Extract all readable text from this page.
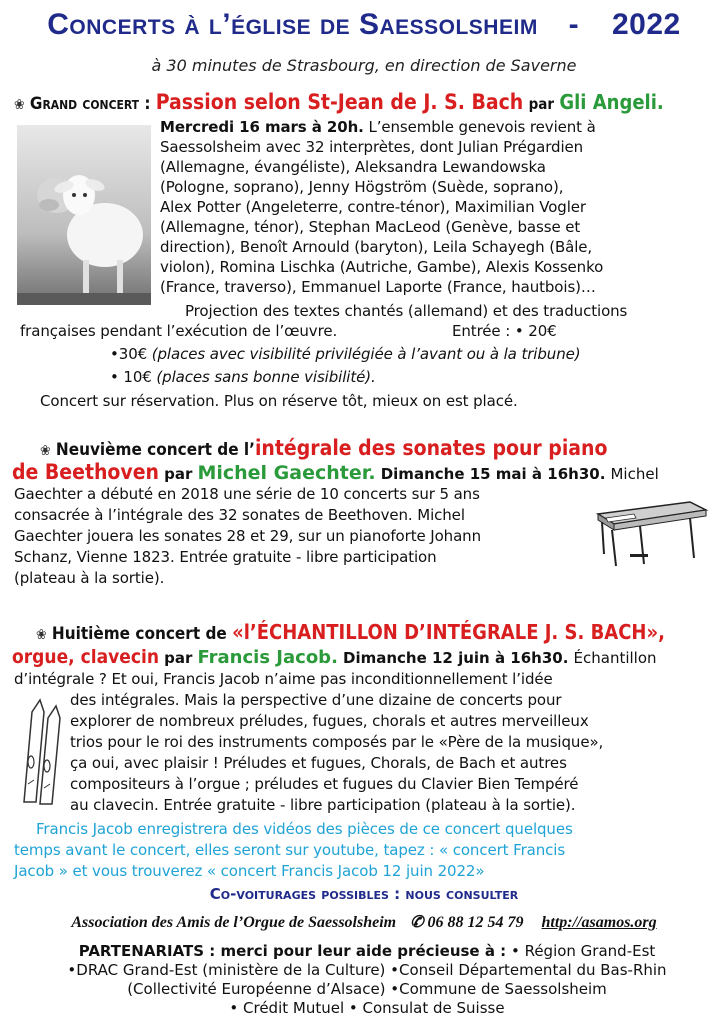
Concerts à l’église de Saessolsheim - 2022
à 30 minutes de Strasbourg, en direction de Saverne
❀ Grand concert : Passion selon St-Jean de J. S. Bach par Gli Angeli.
Mercredi 16 mars à 20h. L’ensemble genevois revient à
Saessolsheim avec 32 interprètes, dont Julian Prégardien
(Allemagne, évangéliste), Aleksandra Lewandowska
(Pologne, soprano), Jenny Högström (Suède, soprano),
Alex Potter (Angeleterre, contre-ténor), Maximilian Vogler
(Allemagne, ténor), Stephan MacLeod (Genève, basse et
direction), Benoît Arnould (baryton), Leila Schayegh (Bâle,
violon), Romina Lischka (Autriche, Gambe), Alexis Kossenko
(France, traverso), Emmanuel Laporte (France, hautbois)…
Projection des textes chantés (allemand) et des traductions
françaises pendant l’exécution de l’œuvre.	Entrée : • 20€
•30€ (places avec visibilité privilégiée à l’avant ou à la tribune)
• 10€ (places sans bonne visibilité).
Concert sur réservation. Plus on réserve tôt, mieux on est placé.
❀ Neuvième concert de l’intégrale des sonates pour piano
de Beethoven par Michel Gaechter. Dimanche 15 mai à 16h30. Michel
Gaechter a débuté en 2018 une série de 10 concerts sur 5 ans
consacrée à l’intégrale des 32 sonates de Beethoven. Michel
Gaechter jouera les sonates 28 et 29, sur un pianoforte Johann
Schanz, Vienne 1823. Entrée gratuite - libre participation
(plateau à la sortie).
❀ Huitième concert de «l’ÉCHANTILLON D’INTÉGRALE J. S. BACH»,
orgue, clavecin par Francis Jacob. Dimanche 12 juin à 16h30. Échantillon
d’intégrale ? Et oui, Francis Jacob n’aime pas inconditionnellement l’idée
des intégrales. Mais la perspective d’une dizaine de concerts pour
explorer de nombreux préludes, fugues, chorals et autres merveilleux
trios pour le roi des instruments composés par le «Père de la musique»,
ça oui, avec plaisir ! Préludes et fugues, Chorals, de Bach et autres
compositeurs à l’orgue ; préludes et fugues du Clavier Bien Tempéré
au clavecin. Entrée gratuite - libre participation (plateau à la sortie).
Francis Jacob enregistrera des vidéos des pièces de ce concert quelques
temps avant le concert, elles seront sur youtube, tapez : « concert Francis
Jacob » et vous trouverez « concert Francis Jacob 12 juin 2022»
Co-voiturages possibles : nous consulter
Association des Amis de l’Orgue de Saessolsheim ✆ 06 88 12 54 79 http://asamos.org
PARTENARIATS : merci pour leur aide précieuse à : • Région Grand-Est
•DRAC Grand-Est (ministère de la Culture) •Conseil Départemental du Bas-Rhin
(Collectivité Européenne d’Alsace) •Commune de Saessolsheim
• Crédit Mutuel • Consulat de Suisse
